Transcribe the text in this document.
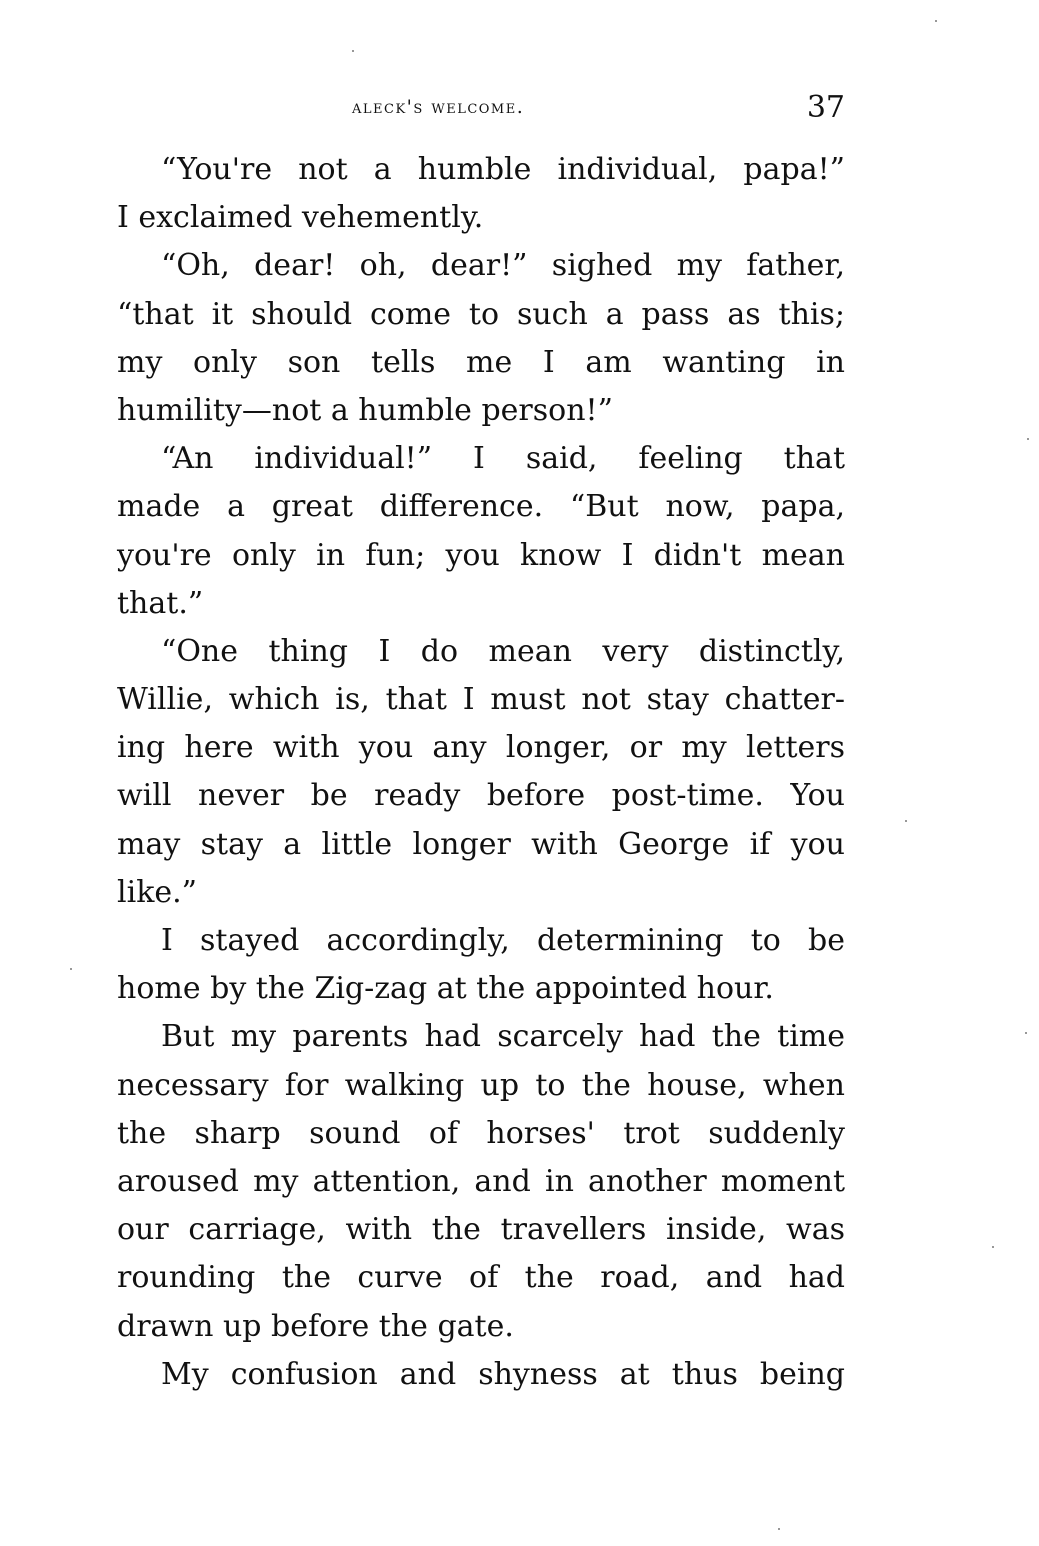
aleck's welcome.	37
“You're not a humble individual, papa!”
I exclaimed vehemently.
“Oh, dear! oh, dear!” sighed my father,
“that it should come to such a pass as this;
my only son tells me I am wanting in
humility—not a humble person!”
“An individual!” I said, feeling that
made a great difference. “But now, papa,
you're only in fun; you know I didn't mean
that.”
“One thing I do mean very distinctly,
Willie, which is, that I must not stay chatter-
ing here with you any longer, or my letters
will never be ready before post-time. You
may stay a little longer with George if you
like.”
I stayed accordingly, determining to be
home by the Zig-zag at the appointed hour.
But my parents had scarcely had the time
necessary for walking up to the house, when
the sharp sound of horses' trot suddenly
aroused my attention, and in another moment
our carriage, with the travellers inside, was
rounding the curve of the road, and had
drawn up before the gate.
My confusion and shyness at thus being
